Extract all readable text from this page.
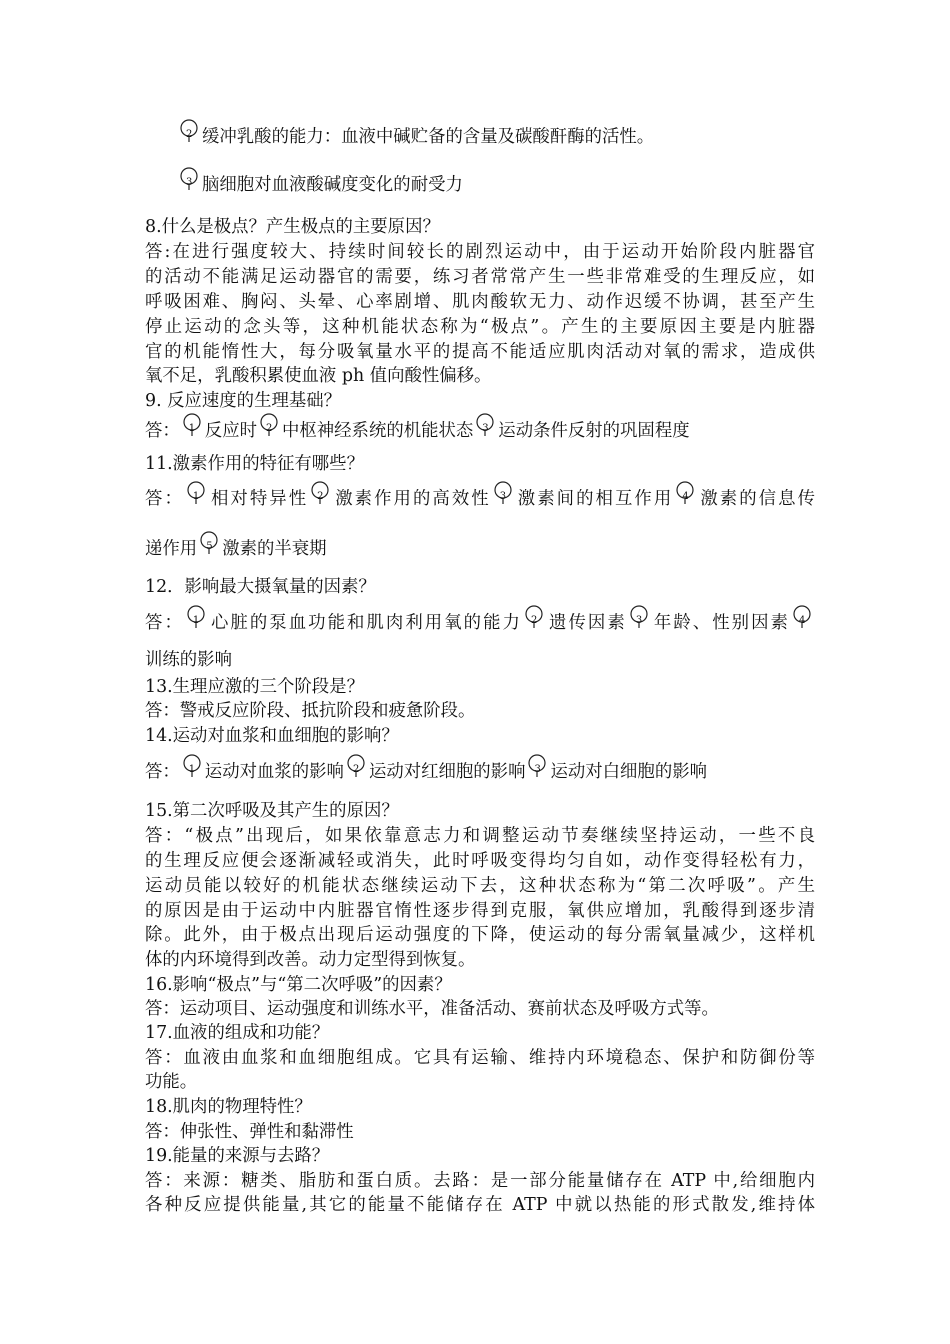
2 缓冲乳酸的能力：血液中碱贮备的含量及碳酸酐酶的活性。
3 脑细胞对血液酸碱度变化的耐受力
8.什么是极点？产生极点的主要原因？
答:在进行强度较大、持续时间较长的剧烈运动中，由于运动开始阶段内脏器官
的活动不能满足运动器官的需要，练习者常常产生一些非常难受的生理反应，如
呼吸困难、胸闷、头晕、心率剧增、肌肉酸软无力、动作迟缓不协调，甚至产生
停止运动的念头等，这种机能状态称为“极点”。产生的主要原因主要是内脏器
官的机能惰性大，每分吸氧量水平的提高不能适应肌肉活动对氧的需求，造成供
氧不足，乳酸积累使血液 ph 值向酸性偏移。
9. 反应速度的生理基础？
答： 1 反应时 2 中枢神经系统的机能状态 3 运动条件反射的巩固程度
11.激素作用的特征有哪些？
答： 1 相对特异性 2 激素作用的高效性 3 激素间的相互作用 4 激素的信息传
递作用 5 激素的半衰期
12．影响最大摄氧量的因素？
答： 1 心脏的泵血功能和肌肉利用氧的能力 2 遗传因素 3 年龄、性别因素 4
训练的影响
13.生理应激的三个阶段是？
答：警戒反应阶段、抵抗阶段和疲惫阶段。
14.运动对血浆和血细胞的影响？
答： 1 运动对血浆的影响 2 运动对红细胞的影响 3 运动对白细胞的影响
15.第二次呼吸及其产生的原因？
答：“极点”出现后，如果依靠意志力和调整运动节奏继续坚持运动，一些不良
的生理反应便会逐渐减轻或消失，此时呼吸变得均匀自如，动作变得轻松有力，
运动员能以较好的机能状态继续运动下去，这种状态称为“第二次呼吸”。产生
的原因是由于运动中内脏器官惰性逐步得到克服，氧供应增加，乳酸得到逐步清
除。此外，由于极点出现后运动强度的下降，使运动的每分需氧量减少，这样机
体的内环境得到改善。动力定型得到恢复。
16.影响“极点”与“第二次呼吸”的因素？
答：运动项目、运动强度和训练水平，准备活动、赛前状态及呼吸方式等。
17.血液的组成和功能？
答：血液由血浆和血细胞组成。它具有运输、维持内环境稳态、保护和防御份等
功能。
18.肌肉的物理特性？
答：伸张性、弹性和黏滞性
19.能量的来源与去路？
答：来源：糖类、脂肪和蛋白质。去路：是一部分能量储存在 ATP 中,给细胞内
各种反应提供能量,其它的能量不能储存在 ATP 中就以热能的形式散发,维持体
